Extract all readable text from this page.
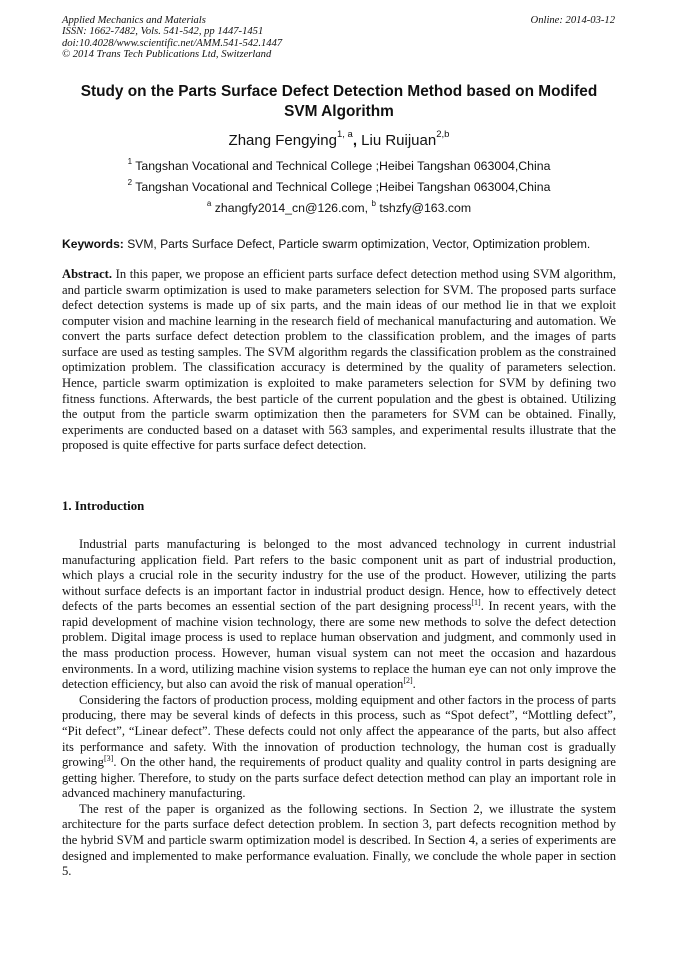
Applied Mechanics and Materials
ISSN: 1662-7482, Vols. 541-542, pp 1447-1451
doi:10.4028/www.scientific.net/AMM.541-542.1447
© 2014 Trans Tech Publications Ltd, Switzerland
Online: 2014-03-12
Study on the Parts Surface Defect Detection Method based on Modifed SVM Algorithm
Zhang Fengying$^{1, a}$, Liu Ruijuan$^{2,b}$
$^1$ Tangshan Vocational and Technical College ;Heibei Tangshan 063004,China
$^2$ Tangshan Vocational and Technical College ;Heibei Tangshan 063004,China
$^a$ zhangfy2014_cn@126.com, $^b$ tshzfy@163.com
Keywords: SVM, Parts Surface Defect, Particle swarm optimization, Vector, Optimization problem.

Abstract. In this paper, we propose an efficient parts surface defect detection method using SVM algorithm, and particle swarm optimization is used to make parameters selection for SVM. The proposed parts surface defect detection systems is made up of six parts, and the main ideas of our method lie in that we exploit computer vision and machine learning in the research field of mechanical manufacturing and automation. We convert the parts surface defect detection problem to the classification problem, and the images of parts surface are used as testing samples. The SVM algorithm regards the classification problem as the constrained optimization problem. The classification accuracy is determined by the quality of parameters selection. Hence, particle swarm optimization is exploited to make parameters selection for SVM by defining two fitness functions. Afterwards, the best particle of the current population and the gbest is obtained. Utilizing the output from the particle swarm optimization then the parameters for SVM can be obtained. Finally, experiments are conducted based on a dataset with 563 samples, and experimental results illustrate that the proposed is quite effective for parts surface defect detection.

1. Introduction

Industrial parts manufacturing is belonged to the most advanced technology in current industrial manufacturing application field. Part refers to the basic component unit as part of industrial production, which plays a crucial role in the security industry for the use of the product. However, utilizing the parts without surface defects is an important factor in industrial product design. Hence, how to effectively detect defects of the parts becomes an essential section of the part designing process[1]. In recent years, with the rapid development of machine vision technology, there are some new methods to solve the defect detection problem. Digital image process is used to replace human observation and judgment, and commonly used in the mass production process. However, human visual system can not meet the occasion and hazardous environments. In a word, utilizing machine vision systems to replace the human eye can not only improve the detection efficiency, but also can avoid the risk of manual operation[2].

Considering the factors of production process, molding equipment and other factors in the process of parts producing, there may be several kinds of defects in this process, such as “Spot defect”, “Mottling defect”, “Pit defect”, “Linear defect”. These defects could not only affect the appearance of the parts, but also affect its performance and safety. With the innovation of production technology, the human cost is gradually growing[3]. On the other hand, the requirements of product quality and quality control in parts designing are getting higher. Therefore, to study on the parts surface defect detection method can play an important role in advanced machinery manufacturing.

The rest of the paper is organized as the following sections. In Section 2, we illustrate the system architecture for the parts surface defect detection problem. In section 3, part defects recognition method by the hybrid SVM and particle swarm optimization model is described. In Section 4, a series of experiments are designed and implemented to make performance evaluation. Finally, we conclude the whole paper in section 5.
